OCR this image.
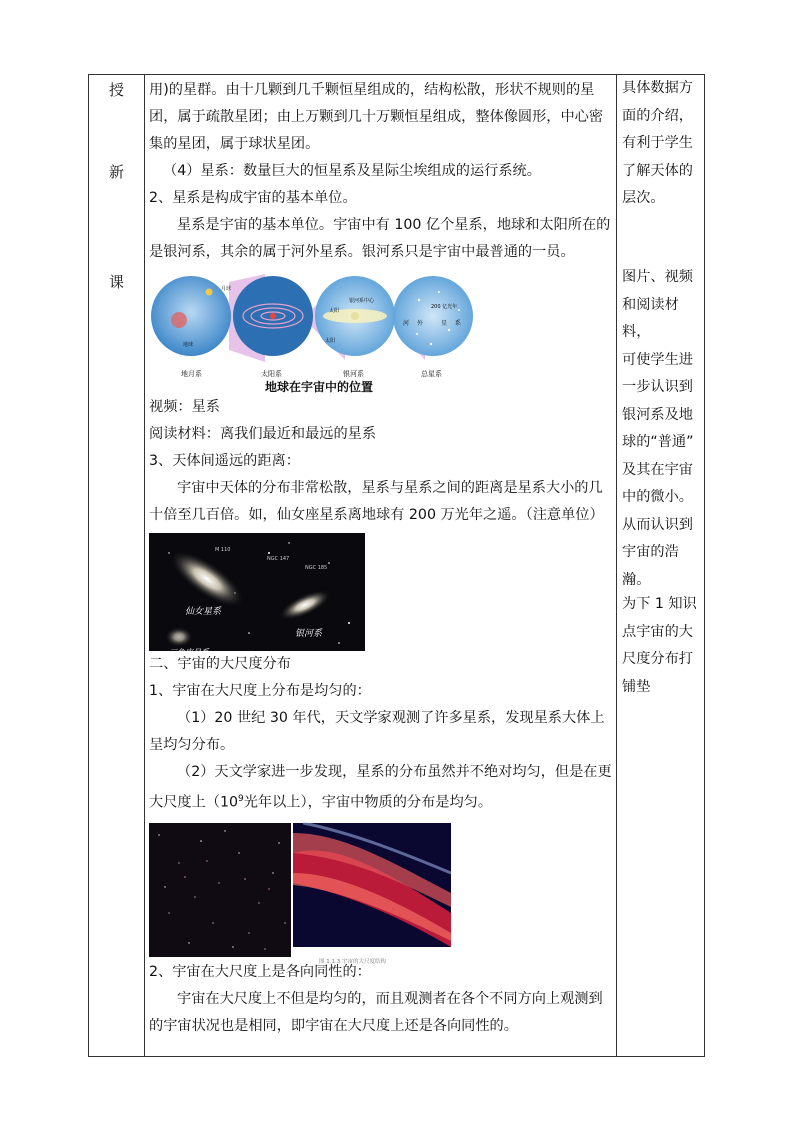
授
新
课

用)的星群。由十几颗到几千颗恒星组成的，结构松散，形状不规则的星团，属于疏散星团；由上万颗到几十万颗恒星组成，整体像圆形，中心密集的星团，属于球状星团。

（4）星系：数量巨大的恒星系及星际尘埃组成的运行系统。

2、星系是构成宇宙的基本单位。

星系是宇宙的基本单位。宇宙中有 100 亿个星系，地球和太阳所在的是银河系，其余的属于河外星系。银河系只是宇宙中最普通的一员。

月球
地球
太阳
银河系中心
太阳
200 亿光年
河 外	星 系
地月系	太阳系	银河系	总星系
地球在宇宙中的位置

视频：星系

阅读材料：离我们最近和最远的星系

3、天体间遥远的距离：

宇宙中天体的分布非常松散，星系与星系之间的距离是星系大小的几十倍至几百倍。如，仙女座星系离地球有 200 万光年之遥。（注意单位）

M 110
NGC 147
NGC 185
仙女星系
银河系
三角座星系

二、宇宙的大尺度分布

1、宇宙在大尺度上分布是均匀的：

（1）20 世纪 30 年代，天文学家观测了许多星系，发现星系大体上呈均匀分布。

（2）天文学家进一步发现，星系的分布虽然并不绝对均匀，但是在更大尺度上（$10^9$光年以上），宇宙中物质的分布是均匀。

图 1.1.3 宇宙的大尺度结构

2、宇宙在大尺度上是各向同性的：

宇宙在大尺度上不但是均匀的，而且观测者在各个不同方向上观测到的宇宙状况也是相同，即宇宙在大尺度上还是各向同性的。

具体数据方

面的介绍，

有利于学生

了解天体的

层次。

图片、视频

和阅读材料，

可使学生进

一步认识到

银河系及地

球的“普通”

及其在宇宙

中的微小。

从而认识到

宇宙的浩瀚。

为下 1 知识

点宇宙的大

尺度分布打

铺垫
